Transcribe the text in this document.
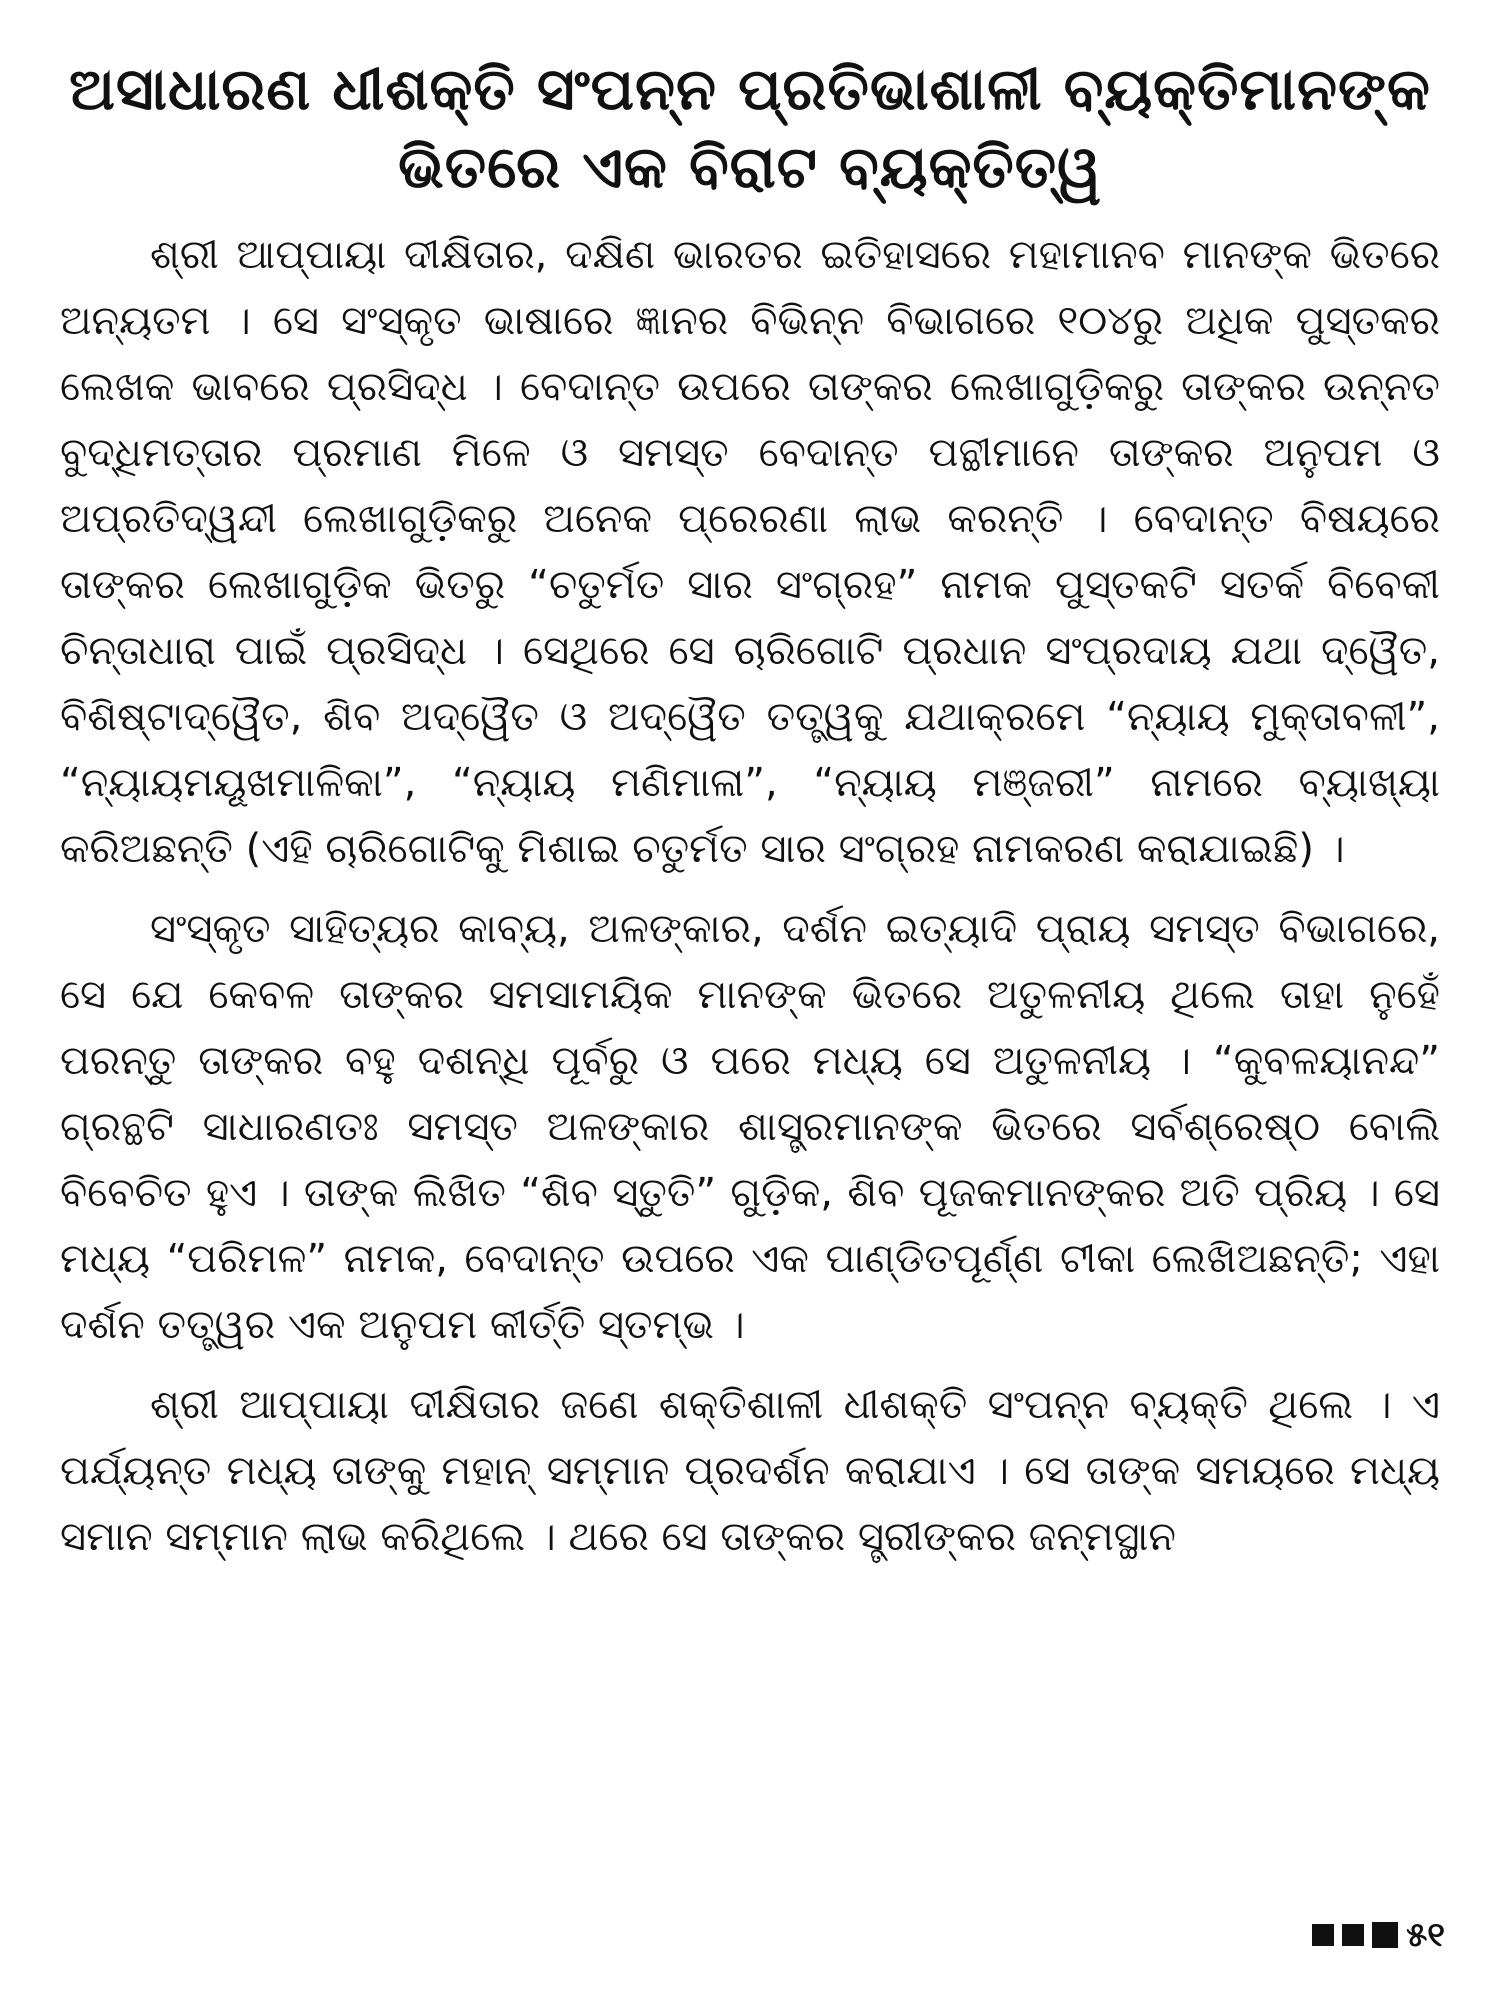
ଅସାଧାରଣ ଧୀଶକ୍ତି ସଂପନ୍ନ ପ୍ରତିଭାଶାଳୀ ବ୍ୟକ୍ତିମାନଙ୍କ
ଭିତରେ ଏକ ବିରାଟ ବ୍ୟକ୍ତିତ୍ୱ

ଶ୍ରୀ ଆପ୍ପାୟା ଦୀକ୍ଷିତାର, ଦକ୍ଷିଣ ଭାରତର ଇତିହାସରେ ମହାମାନବ ମାନଙ୍କ ଭିତରେ ଅନ୍ୟତମ । ସେ ସଂସ୍କୃତ ଭାଷାରେ ଜ୍ଞାନର ବିଭିନ୍ନ ବିଭାଗରେ ୧୦୪ରୁ ଅଧିକ ପୁସ୍ତକର ଲେଖକ ଭାବରେ ପ୍ରସିଦ୍ଧ । ବେଦାନ୍ତ ଉପରେ ତାଙ୍କର ଲେଖାଗୁଡ଼ିକରୁ ତାଙ୍କର ଉନ୍ନତ ବୁଦ୍ଧିମତ୍ତାର ପ୍ରମାଣ ମିଳେ ଓ ସମସ୍ତ ବେଦାନ୍ତ ପନ୍ଥୀମାନେ ତାଙ୍କର ଅନୁପମ ଓ ଅପ୍ରତିଦ୍ୱନ୍ଦୀ ଲେଖାଗୁଡ଼ିକରୁ ଅନେକ ପ୍ରେରଣା ଲାଭ କରନ୍ତି । ବେଦାନ୍ତ ବିଷୟରେ ତାଙ୍କର ଲେଖାଗୁଡ଼ିକ ଭିତରୁ “ଚତୁର୍ମତ ସାର ସଂଗ୍ରହ” ନାମକ ପୁସ୍ତକଟି ସତର୍କ ବିବେକୀ ଚିନ୍ତାଧାରା ପାଇଁ ପ୍ରସିଦ୍ଧ । ସେଥିରେ ସେ ଚାରିଗୋଟି ପ୍ରଧାନ ସଂପ୍ରଦାୟ ଯଥା ଦ୍ୱୈତ, ବିଶିଷ୍ଟାଦ୍ୱୈତ, ଶିବ ଅଦ୍ୱୈତ ଓ ଅଦ୍ୱୈତ ତତ୍ତ୍ୱକୁ ଯଥାକ୍ରମେ “ନ୍ୟାୟ ମୁକ୍ତାବଳୀ”, “ନ୍ୟାୟମୟୂଖମାଳିକା”, “ନ୍ୟାୟ ମଣିମାଳା”, “ନ୍ୟାୟ ମଞ୍ଜରୀ” ନାମରେ ବ୍ୟାଖ୍ୟା କରିଅଛନ୍ତି (ଏହି ଚାରିଗୋଟିକୁ ମିଶାଇ ଚତୁର୍ମତ ସାର ସଂଗ୍ରହ ନାମକରଣ କରାଯାଇଛି) ।

ସଂସ୍କୃତ ସାହିତ୍ୟର କାବ୍ୟ, ଅଳଙ୍କାର, ଦର୍ଶନ ଇତ୍ୟାଦି ପ୍ରାୟ ସମସ୍ତ ବିଭାଗରେ, ସେ ଯେ କେବଳ ତାଙ୍କର ସମସାମୟିକ ମାନଙ୍କ ଭିତରେ ଅତୁଳନୀୟ ଥିଲେ ତାହା ନୁହେଁ ପରନ୍ତୁ ତାଙ୍କର ବହୁ ଦଶନ୍ଧି ପୂର୍ବରୁ ଓ ପରେ ମଧ୍ୟ ସେ ଅତୁଳନୀୟ । “କୁବଳୟାନନ୍ଦ” ଗ୍ରନ୍ଥଟି ସାଧାରଣତଃ ସମସ୍ତ ଅଳଙ୍କାର ଶାସ୍ତ୍ରମାନଙ୍କ ଭିତରେ ସର୍ବଶ୍ରେଷ୍ଠ ବୋଲି ବିବେଚିତ ହୁଏ । ତାଙ୍କ ଲିଖିତ “ଶିବ ସ୍ତୁତି” ଗୁଡ଼ିକ, ଶିବ ପୂଜକମାନଙ୍କର ଅତି ପ୍ରିୟ । ସେ ମଧ୍ୟ “ପରିମଳ” ନାମକ, ବେଦାନ୍ତ ଉପରେ ଏକ ପାଣ୍ଡିତପୂର୍ଣ୍ଣ ଟୀକା ଲେଖିଅଛନ୍ତି; ଏହା ଦର୍ଶନ ତତ୍ତ୍ୱର ଏକ ଅନୁପମ କୀର୍ତ୍ତି ସ୍ତମ୍ଭ ।

ଶ୍ରୀ ଆପ୍ପାୟା ଦୀକ୍ଷିତାର ଜଣେ ଶକ୍ତିଶାଳୀ ଧୀଶକ୍ତି ସଂପନ୍ନ ବ୍ୟକ୍ତି ଥିଲେ । ଏ ପର୍ଯ୍ୟନ୍ତ ମଧ୍ୟ ତାଙ୍କୁ ମହାନ୍ ସମ୍ମାନ ପ୍ରଦର୍ଶନ କରାଯାଏ । ସେ ତାଙ୍କ ସମୟରେ ମଧ୍ୟ ସମାନ ସମ୍ମାନ ଲାଭ କରିଥିଲେ । ଥରେ ସେ ତାଙ୍କର ସ୍ତ୍ରୀଙ୍କର ଜନ୍ମସ୍ଥାନ

୫୧
